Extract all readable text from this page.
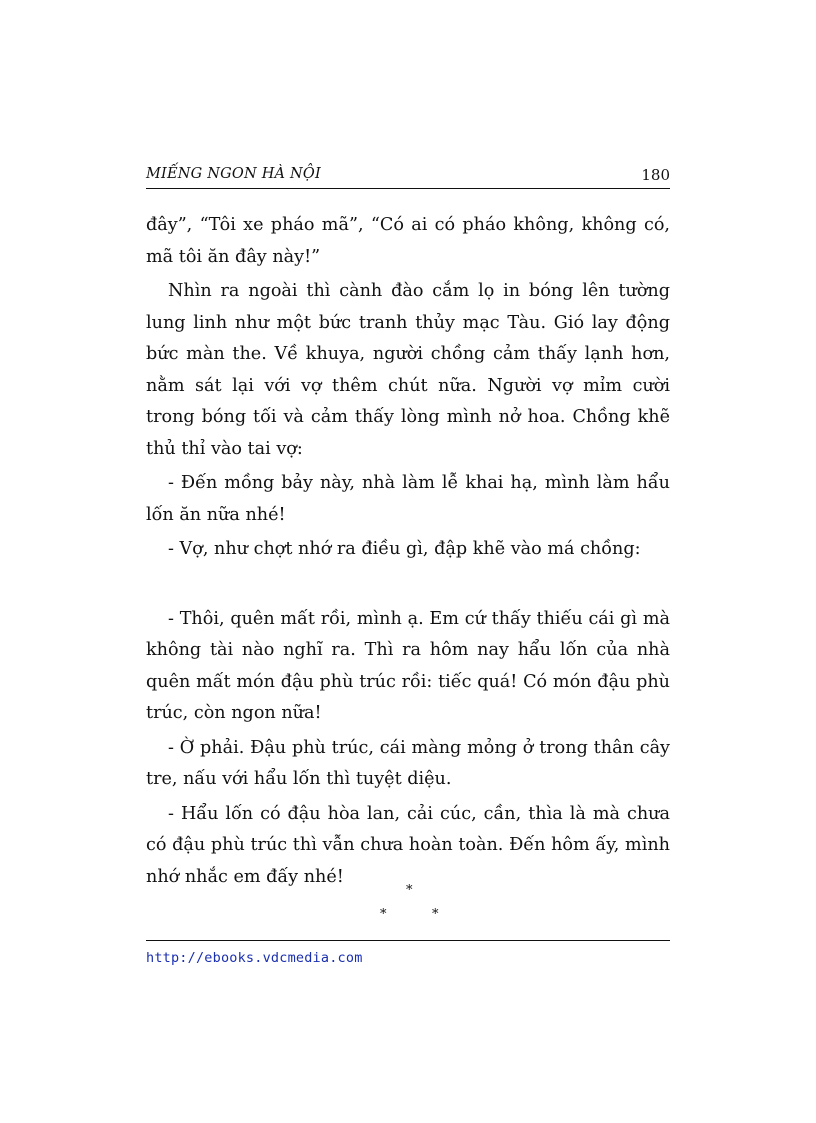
MIẾNG NGON HÀ NỘI	180

đây”, “Tôi xe pháo mã”, “Có ai có pháo không, không có, mã tôi ăn đây này!”

Nhìn ra ngoài thì cành đào cắm lọ in bóng lên tường lung linh như một bức tranh thủy mạc Tàu. Gió lay động bức màn the. Về khuya, người chồng cảm thấy lạnh hơn, nằm sát lại với vợ thêm chút nữa. Người vợ mỉm cười trong bóng tối và cảm thấy lòng mình nở hoa. Chồng khẽ thủ thỉ vào tai vợ:

- Đến mồng bảy này, nhà làm lễ khai hạ, mình làm hẩu lốn ăn nữa nhé!

- Vợ, như chợt nhớ ra điều gì, đập khẽ vào má chồng:

- Thôi, quên mất rồi, mình ạ. Em cứ thấy thiếu cái gì mà không tài nào nghĩ ra. Thì ra hôm nay hẩu lốn của nhà quên mất món đậu phù trúc rồi: tiếc quá! Có món đậu phù trúc, còn ngon nữa!

- Ờ phải. Đậu phù trúc, cái màng mỏng ở trong thân cây tre, nấu với hẩu lốn thì tuyệt diệu.

- Hẩu lốn có đậu hòa lan, cải cúc, cần, thìa là mà chưa có đậu phù trúc thì vẫn chưa hoàn toàn. Đến hôm ấy, mình nhớ nhắc em đấy nhé!

*
*	*
http://ebooks.vdcmedia.com
